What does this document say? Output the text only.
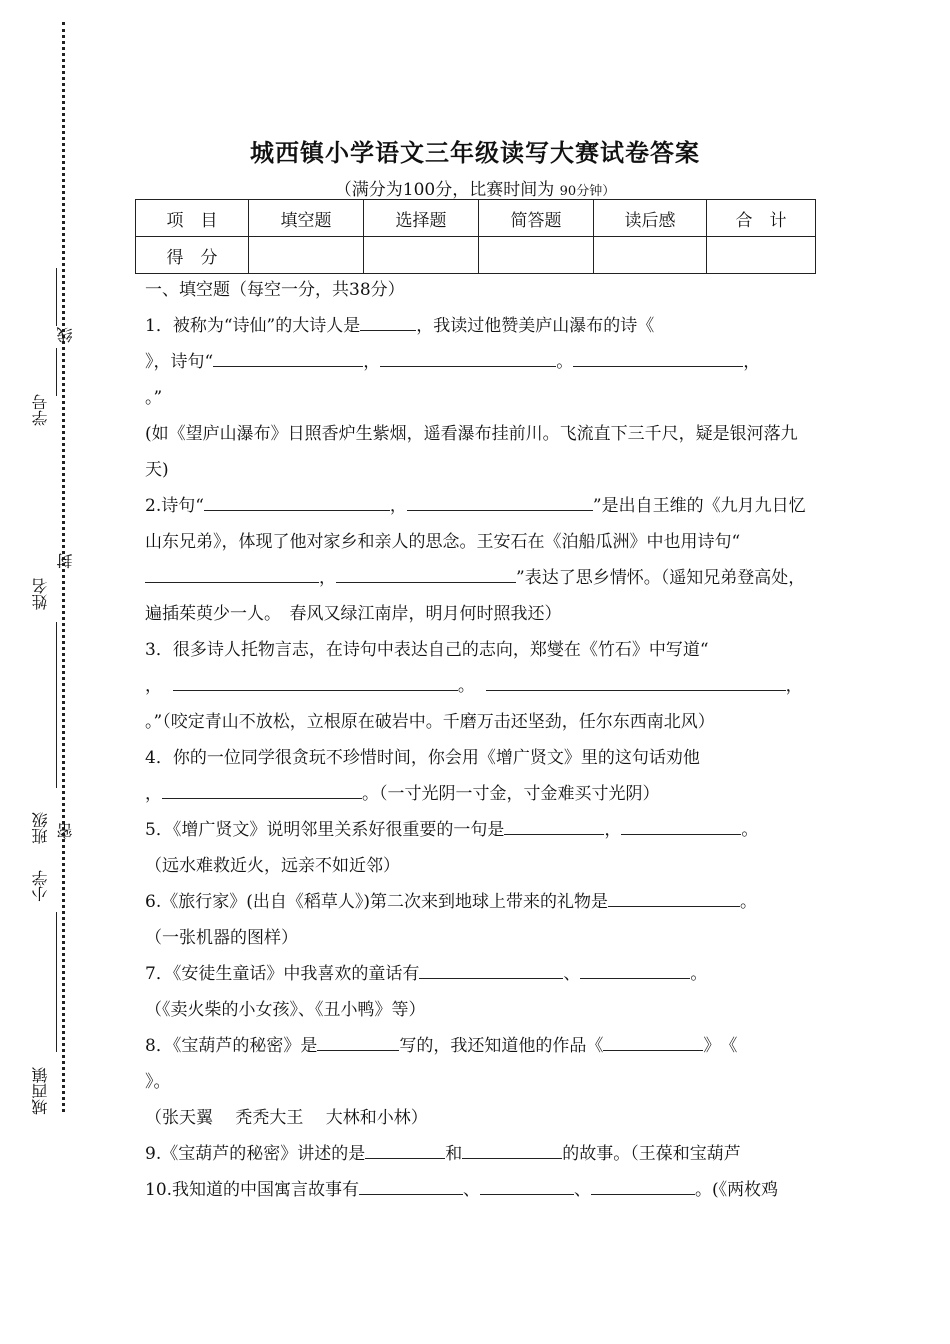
线
封
密
学号
姓名
班级
小学
城西镇
城西镇小学语文三年级读写大赛试卷答案
（满分为100分，比赛时间为 90分钟）
项　目	填空题	选择题	简答题	读后感	合　计
得　分					

一、填空题（每空一分，共38分）

1．被称为“诗仙”的大诗人是	，我读过他赞美庐山瀑布的诗《
》，诗句“	，	。	，
。”

(如《望庐山瀑布》日照香炉生紫烟，遥看瀑布挂前川。飞流直下三千尺，疑是银河落九天)

2.诗句“	，	”是出自王维的《九月九日忆山东兄弟》，体现了他对家乡和亲人的思念。王安石在《泊船瓜洲》中也用诗句“，	”表达了思乡情怀。（遥知兄弟登高处，遍插茱萸少一人。　春风又绿江南岸，明月何时照我还）

3．很多诗人托物言志，在诗句中表达自己的志向，郑燮在《竹石》中写道“
，	。	，
。”（咬定青山不放松，立根原在破岩中。千磨万击还坚劲，任尔东西南北风）

4．你的一位同学很贪玩不珍惜时间，你会用《增广贤文》里的这句话劝他
，	。（一寸光阴一寸金，寸金难买寸光阴）

5．《增广贤文》说明邻里关系好很重要的一句是	，	。

（远水难救近火，远亲不如近邻）

6.《旅行家》(出自《稻草人》)第二次来到地球上带来的礼物是	。

（一张机器的图样）

7．《安徒生童话》中我喜欢的童话有	、	。

（《卖火柴的小女孩》、《丑小鸭》等）

8．《宝葫芦的秘密》是	写的，我还知道他的作品《	》　《
》。

（张天翼　 秃秃大王　 大林和小林）

9.《宝葫芦的秘密》讲述的是	和	的故事。（王葆和宝葫芦

10.我知道的中国寓言故事有	、	、	。(《两枚鸡
